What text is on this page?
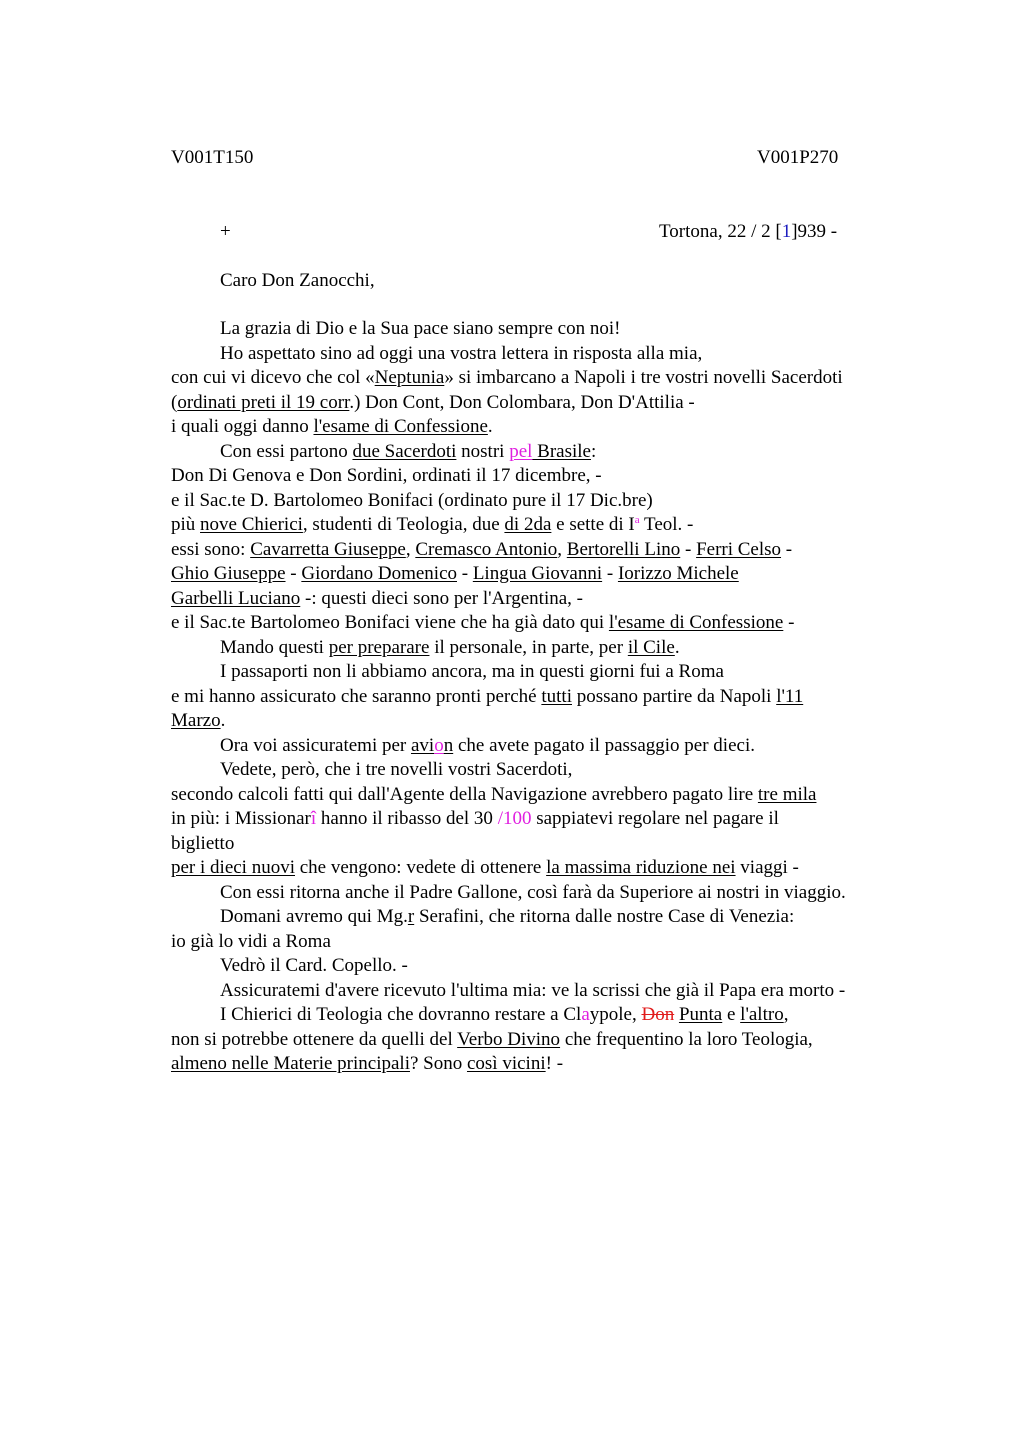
V001T150	V001P270
+	Tortona, 22 / 2 [1]939 -
Caro Don Zanocchi,
La grazia di Dio e la Sua pace siano sempre con noi!
Ho aspettato sino ad oggi una vostra lettera in risposta alla mia,
con cui vi dicevo che col «Neptunia» si imbarcano a Napoli i tre vostri novelli Sacerdoti
(ordinati preti il 19 corr.) Don Cont, Don Colombara, Don D'Attilia -
i quali oggi danno l'esame di Confessione.
Con essi partono due Sacerdoti nostri pel Brasile:
Don Di Genova e Don Sordini, ordinati il 17 dicembre, -
e il Sac.te D. Bartolomeo Bonifaci (ordinato pure il 17 Dic.bre)
più nove Chierici, studenti di Teologia, due di 2da e sette di $I^a$ Teol. -
essi sono: Cavarretta Giuseppe, Cremasco Antonio, Bertorelli Lino - Ferri Celso -
Ghio Giuseppe - Giordano Domenico - Lingua Giovanni - Iorizzo Michele
Garbelli Luciano -: questi dieci sono per l'Argentina, -
e il Sac.te Bartolomeo Bonifaci viene che ha già dato qui l'esame di Confessione -
Mando questi per preparare il personale, in parte, per il Cile.
I passaporti non li abbiamo ancora, ma in questi giorni fui a Roma
e mi hanno assicurato che saranno pronti perché tutti possano partire da Napoli l'11
Marzo.
Ora voi assicuratemi per avion che avete pagato il passaggio per dieci.
Vedete, però, che i tre novelli vostri Sacerdoti,
secondo calcoli fatti qui dall'Agente della Navigazione avrebbero pagato lire tre mila
in più: i Missionarî hanno il ribasso del 30 /100 sappiatevi regolare nel pagare il
biglietto
per i dieci nuovi che vengono: vedete di ottenere la massima riduzione nei viaggi -
Con essi ritorna anche il Padre Gallone, così farà da Superiore ai nostri in viaggio.
Domani avremo qui Mg.r Serafini, che ritorna dalle nostre Case di Venezia:
io già lo vidi a Roma
Vedrò il Card. Copello. -
Assicuratemi d'avere ricevuto l'ultima mia: ve la scrissi che già il Papa era morto -
I Chierici di Teologia che dovranno restare a Claypole, Don Punta e l'altro,
non si potrebbe ottenere da quelli del Verbo Divino che frequentino la loro Teologia,
almeno nelle Materie principali? Sono così vicini! -
